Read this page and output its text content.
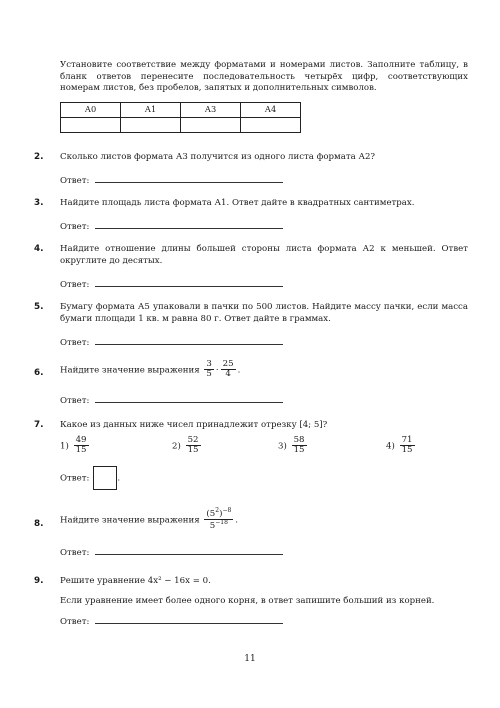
Установите соответствие между форматами и номерами листов. Заполните таблицу, в бланк ответов перенесите последовательность четырёх цифр, соответствующих номерам листов, без пробелов, запятых и дополнительных символов.
А0	А1	А3	А4

2. Сколько листов формата А3 получится из одного листа формата А2?
Ответ:
3. Найдите площадь листа формата А1. Ответ дайте в квадратных сантиметрах.
Ответ:
4. Найдите отношение длины большей стороны листа формата А2 к меньшей. Ответ округлите до десятых.
Ответ:
5. Бумагу формата А5 упаковали в пачки по 500 листов. Найдите массу пачки, если масса бумаги площади 1 кв. м равна 80 г. Ответ дайте в граммах.
Ответ:
6. Найдите значение выражения $\frac{3}{5} \cdot \frac{25}{4}$ .
Ответ:
7. Какое из данных ниже чисел принадлежит отрезку [4; 5]?
$1) \frac{49}{15}$	$2) \frac{52}{15}$	$3) \frac{58}{15}$	$4) \frac{71}{15}$
Ответ:	.
8. Найдите значение выражения $\frac{(5^2)^{-8}}{5^{-18}}$ .
Ответ:
9. Решите уравнение 4x² − 16x = 0.
Если уравнение имеет более одного корня, в ответ запишите больший из корней.
Ответ:
11
